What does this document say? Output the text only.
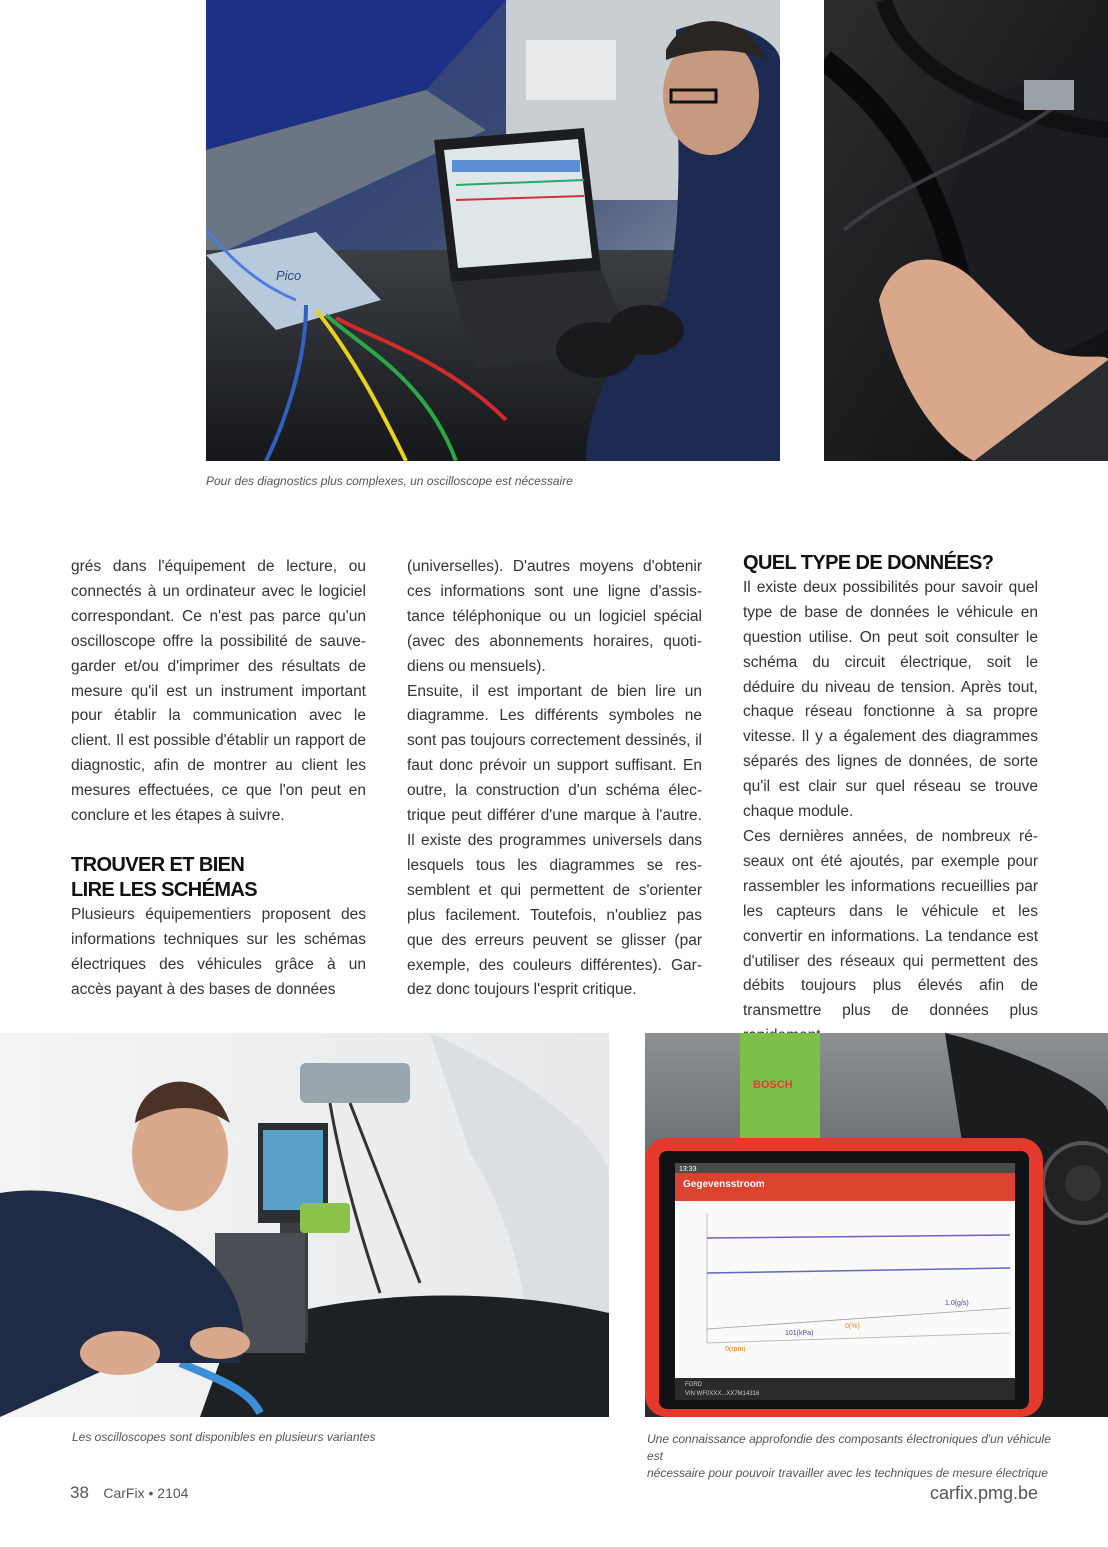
Pico
Pour des diagnostics plus complexes, un oscilloscope est nécessaire

grés dans l'équipement de lecture, ou connectés à un ordinateur avec le logiciel correspondant. Ce n'est pas parce qu'un oscilloscope offre la possibilité de sauvegarder et/ou d'imprimer des résultats de mesure qu'il est un instrument important pour établir la communication avec le client. Il est possible d'établir un rapport de diagnostic, afin de montrer au client les mesures effectuées, ce que l'on peut en conclure et les étapes à suivre.

TROUVER ET BIEN
LIRE LES SCHÉMAS

Plusieurs équipementiers proposent des informations techniques sur les schémas électriques des véhicules grâce à un accès payant à des bases de données

(universelles). D'autres moyens d'obtenir ces informations sont une ligne d'assistance téléphonique ou un logiciel spécial (avec des abonnements horaires, quotidiens ou mensuels).

Ensuite, il est important de bien lire un diagramme. Les différents symboles ne sont pas toujours correctement dessinés, il faut donc prévoir un support suffisant. En outre, la construction d'un schéma électrique peut différer d'une marque à l'autre. Il existe des programmes universels dans lesquels tous les diagrammes se ressemblent et qui permettent de s'orienter plus facilement. Toutefois, n'oubliez pas que des erreurs peuvent se glisser (par exemple, des couleurs différentes). Gardez donc toujours l'esprit critique.

QUEL TYPE DE DONNÉES?

Il existe deux possibilités pour savoir quel type de base de données le véhicule en question utilise. On peut soit consulter le schéma du circuit électrique, soit le déduire du niveau de tension. Après tout, chaque réseau fonctionne à sa propre vitesse. Il y a également des diagrammes séparés des lignes de données, de sorte qu'il est clair sur quel réseau se trouve chaque module.

Ces dernières années, de nombreux réseaux ont été ajoutés, par exemple pour rassembler les informations recueillies par les capteurs dans le véhicule et les convertir en informations. La tendance est d'utiliser des réseaux qui permettent des débits toujours plus élevés afin de transmettre plus de données plus

Les oscilloscopes sont disponibles en plusieurs variantes
BOSCH
13:33
Gegevensstroom
1.0(g/s)
101(kPa)
0(rpm)
0(%)
FORD
VIN WF0XXX...XX7M14316
Une connaissance approfondie des composants électroniques d'un véhicule est
nécessaire pour pouvoir travailler avec les techniques de mesure électrique
38 CarFix • 2104	carfix.pmg.be
